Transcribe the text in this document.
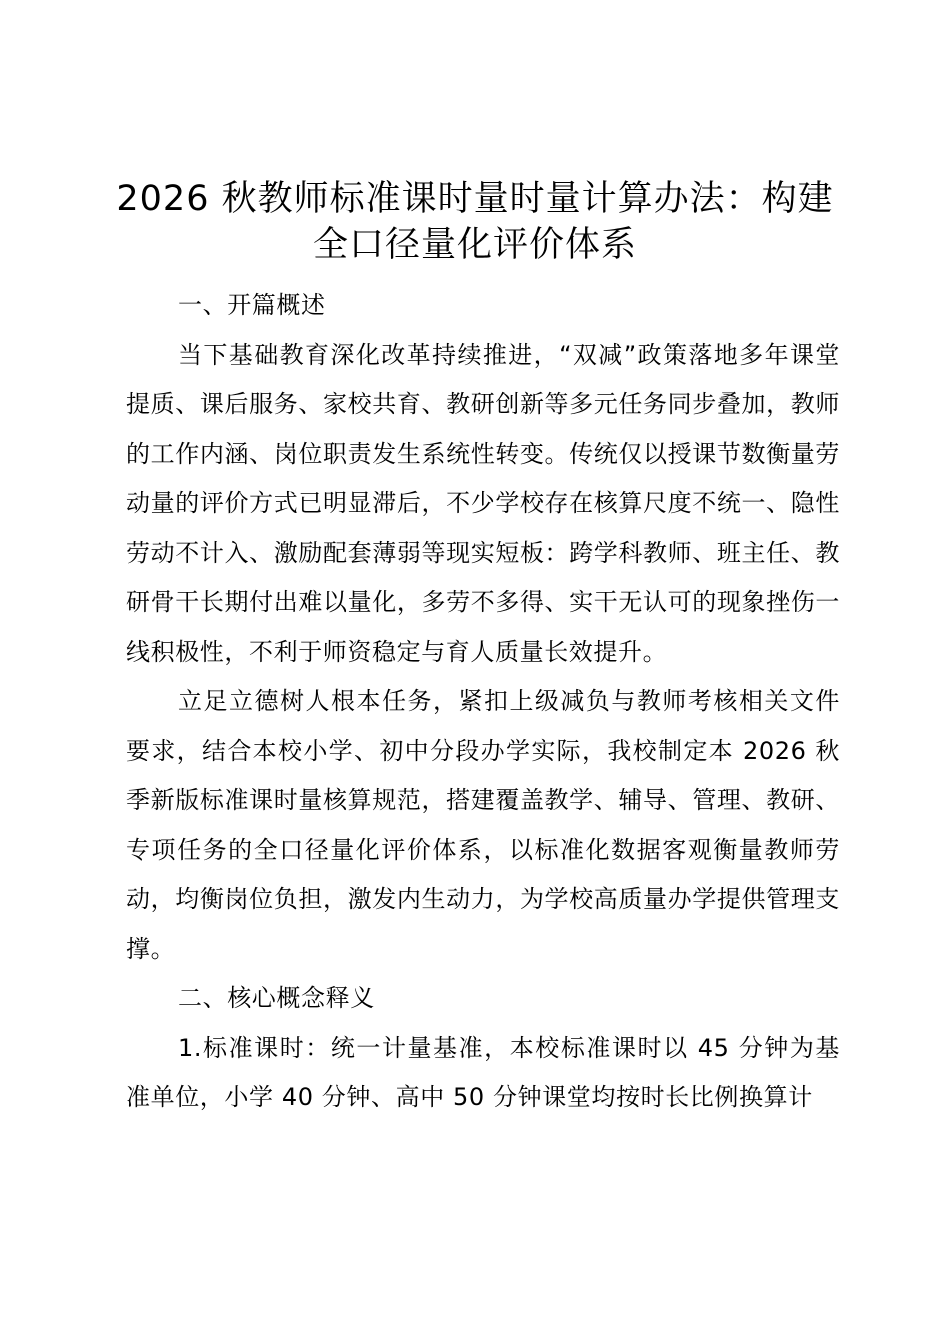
2026 秋教师标准课时量时量计算办法：构建
全口径量化评价体系
一、开篇概述

当下基础教育深化改革持续推进，“双减”政策落地多年课堂提质、课后服务、家校共育、教研创新等多元任务同步叠加，教师的工作内涵、岗位职责发生系统性转变。传统仅以授课节数衡量劳动量的评价方式已明显滞后，不少学校存在核算尺度不统一、隐性劳动不计入、激励配套薄弱等现实短板：跨学科教师、班主任、教研骨干长期付出难以量化，多劳不多得、实干无认可的现象挫伤一线积极性，不利于师资稳定与育人质量长效提升。

立足立德树人根本任务，紧扣上级减负与教师考核相关文件要求，结合本校小学、初中分段办学实际，我校制定本 2026 秋季新版标准课时量核算规范，搭建覆盖教学、辅导、管理、教研、专项任务的全口径量化评价体系，以标准化数据客观衡量教师劳动，均衡岗位负担，激发内生动力，为学校高质量办学提供管理支撑。

二、核心概念释义

1.标准课时：统一计量基准，本校标准课时以 45 分钟为基准单位，小学 40 分钟、高中 50 分钟课堂均按时长比例换算计
